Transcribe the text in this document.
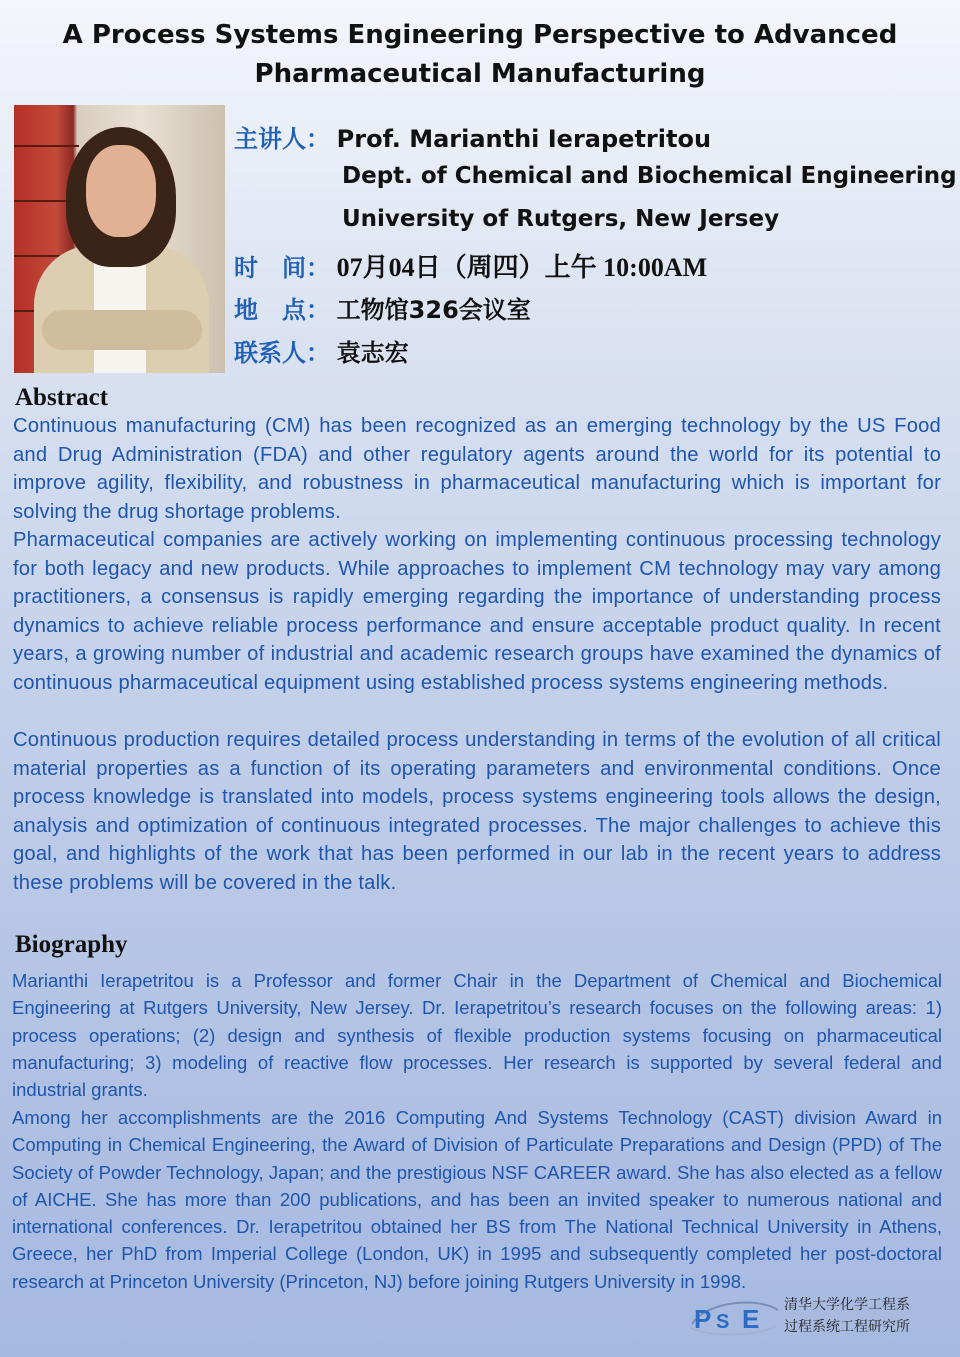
A Process Systems Engineering Perspective to Advanced
Pharmaceutical Manufacturing
主讲人： Prof. Marianthi Ierapetritou
Dept. of Chemical and Biochemical Engineering
University of Rutgers, New Jersey
时　间： 07月04日（周四）上午 10:00AM
地　点： 工物馆326会议室
联系人： 袁志宏
Abstract

Continuous manufacturing (CM) has been recognized as an emerging technology by the US Food and Drug Administration (FDA) and other regulatory agents around the world for its potential to improve agility, flexibility, and robustness in pharmaceutical manufacturing which is important for solving the drug shortage problems.

Pharmaceutical companies are actively working on implementing continuous processing technology for both legacy and new products. While approaches to implement CM technology may vary among practitioners, a consensus is rapidly emerging regarding the importance of understanding process dynamics to achieve reliable process performance and ensure acceptable product quality. In recent years, a growing number of industrial and academic research groups have examined the dynamics of continuous pharmaceutical equipment using established process systems engineering methods.

Continuous production requires detailed process understanding in terms of the evolution of all critical material properties as a function of its operating parameters and environmental conditions. Once process knowledge is translated into models, process systems engineering tools allows the design, analysis and optimization of continuous integrated processes. The major challenges to achieve this goal, and highlights of the work that has been performed in our lab in the recent years to address these problems will be covered in the talk.

Biography

Marianthi Ierapetritou is a Professor and former Chair in the Department of Chemical and Biochemical Engineering at Rutgers University, New Jersey. Dr. Ierapetritou’s research focuses on the following areas: 1) process operations; (2) design and synthesis of flexible production systems focusing on pharmaceutical manufacturing; 3) modeling of reactive flow processes. Her research is supported by several federal and industrial grants.

Among her accomplishments are the 2016 Computing And Systems Technology (CAST) division Award in Computing in Chemical Engineering, the Award of Division of Particulate Preparations and Design (PPD) of The Society of Powder Technology, Japan; and the prestigious NSF CAREER award. She has also elected as a fellow of AICHE. She has more than 200 publications, and has been an invited speaker to numerous national and international conferences. Dr. Ierapetritou obtained her BS from The National Technical University in Athens, Greece, her PhD from Imperial College (London, UK) in 1995 and subsequently completed her post-doctoral research at Princeton University (Princeton, NJ) before joining Rutgers University in 1998.

P S E 清华大学化学工程系
过程系统工程研究所
